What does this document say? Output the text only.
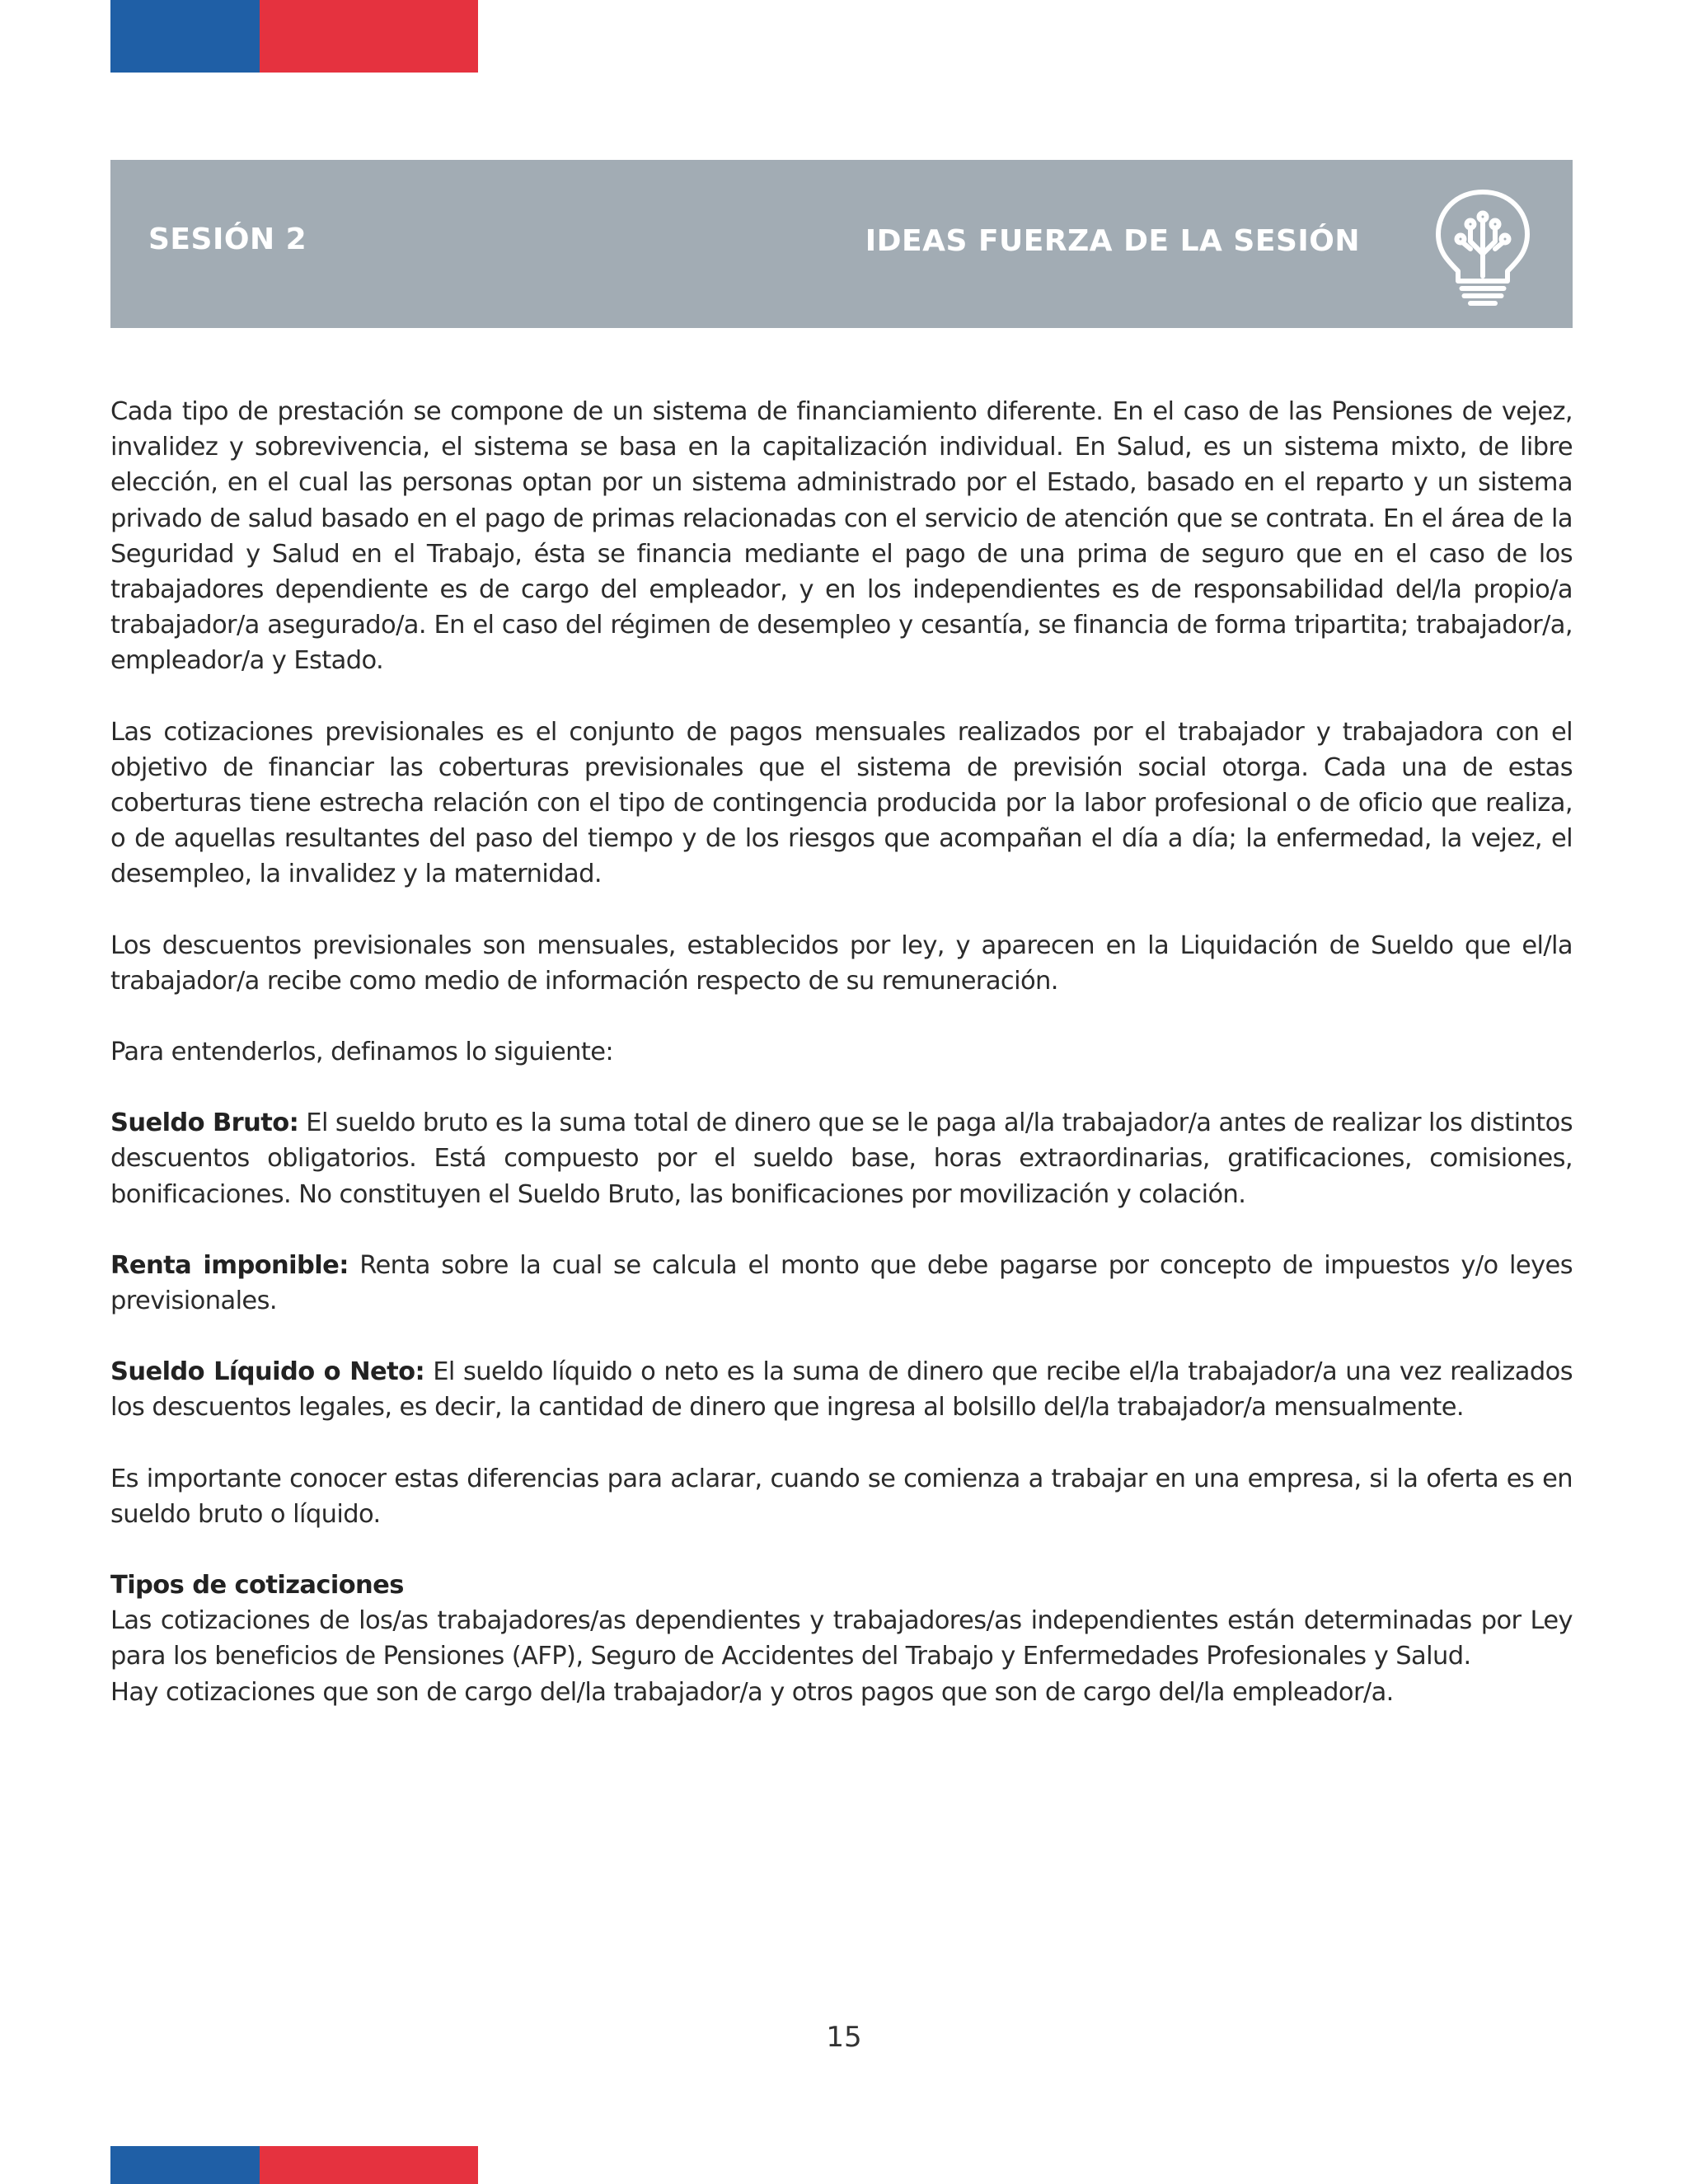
SESIÓN 2	IDEAS FUERZA DE LA SESIÓN

Cada tipo de prestación se compone de un sistema de financiamiento diferente. En el caso de las Pensiones de vejez, invalidez y sobrevivencia, el sistema se basa en la capitalización individual. En Salud, es un sistema mixto, de libre elección, en el cual las personas optan por un sistema administrado por el Estado, basado en el reparto y un sistema privado de salud basado en el pago de primas relacionadas con el servicio de atención que se contrata. En el área de la Seguridad y Salud en el Trabajo, ésta se financia mediante el pago de una prima de seguro que en el caso de los trabajadores dependiente es de cargo del empleador, y en los independientes es de responsabilidad del/la propio/a trabajador/a asegurado/a. En el caso del régimen de desempleo y cesantía, se financia de forma tripartita; trabajador/a, empleador/a y Estado.

Las cotizaciones previsionales es el conjunto de pagos mensuales realizados por el trabajador y trabajadora con el objetivo de financiar las coberturas previsionales que el sistema de previsión social otorga. Cada una de estas coberturas tiene estrecha relación con el tipo de contingencia producida por la labor profesional o de oficio que realiza, o de aquellas resultantes del paso del tiempo y de los riesgos que acompañan el día a día; la enfermedad, la vejez, el desempleo, la invalidez y la maternidad.

Los descuentos previsionales son mensuales, establecidos por ley, y aparecen en la Liquidación de Sueldo que el/la trabajador/a recibe como medio de información respecto de su remuneración.

Para entenderlos, definamos lo siguiente:

Sueldo Bruto: El sueldo bruto es la suma total de dinero que se le paga al/la trabajador/a antes de realizar los distintos descuentos obligatorios. Está compuesto por el sueldo base, horas extraordinarias, gratificaciones, comisiones, bonificaciones. No constituyen el Sueldo Bruto, las bonificaciones por movilización y colación.

Renta imponible: Renta sobre la cual se calcula el monto que debe pagarse por concepto de impuestos y/o leyes previsionales.

Sueldo Líquido o Neto: El sueldo líquido o neto es la suma de dinero que recibe el/la trabajador/a una vez realizados los descuentos legales, es decir, la cantidad de dinero que ingresa al bolsillo del/la trabajador/a mensualmente.

Es importante conocer estas diferencias para aclarar, cuando se comienza a trabajar en una empresa, si la oferta es en sueldo bruto o líquido.

Tipos de cotizaciones

Las cotizaciones de los/as trabajadores/as dependientes y trabajadores/as independientes están determinadas por Ley para los beneficios de Pensiones (AFP), Seguro de Accidentes del Trabajo y Enfermedades Profesionales y Salud.

Hay cotizaciones que son de cargo del/la trabajador/a y otros pagos que son de cargo del/la empleador/a.

15
